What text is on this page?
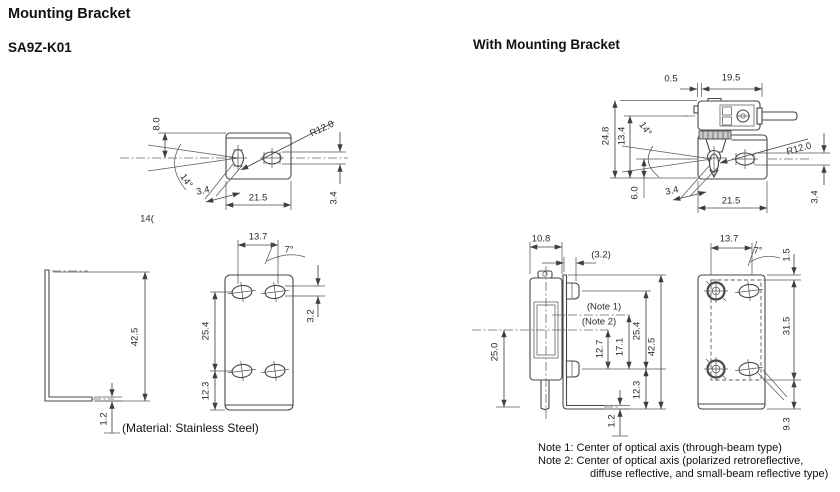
Mounting Bracket
SA9Z-K01	With Mounting Bracket
8.0	R12.0
14°
3.4
21.5	3.4
14(
42.5
1.2
13.7
7°
3.2
25.4
12.3
(Material: Stainless Steel)
0.5	19.5
24.8 13.4 14°
6.0
R12.0
3.4
21.5	3.4
10.8
(3.2)
(Note 1)
(Note 2)
12.7 17.1
25.4
42.5
12.3
1.2
25.0
13.7
7° 1.5
31.5
9.3
Note 1: Center of optical axis (through-beam type)
Note 2: Center of optical axis (polarized retroreflective,
diffuse reflective, and small-beam reflective type)
